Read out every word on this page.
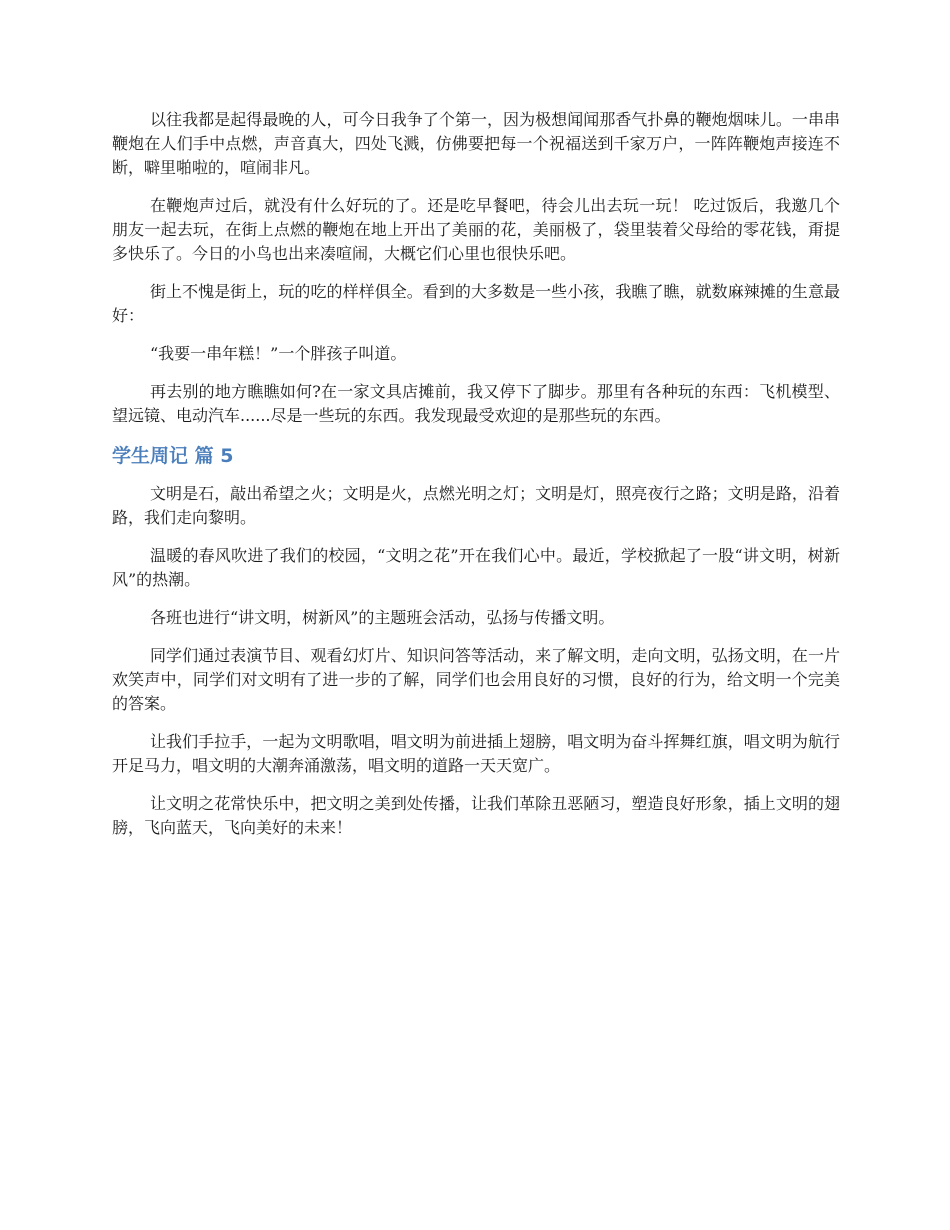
以往我都是起得最晚的人，可今日我争了个第一，因为极想闻闻那香气扑鼻的鞭炮烟味儿。一串串鞭炮在人们手中点燃，声音真大，四处飞溅，仿佛要把每一个祝福送到千家万户，一阵阵鞭炮声接连不断，噼里啪啦的，喧闹非凡。

在鞭炮声过后，就没有什么好玩的了。还是吃早餐吧，待会儿出去玩一玩！ 吃过饭后，我邀几个朋友一起去玩，在街上点燃的鞭炮在地上开出了美丽的花，美丽极了，袋里装着父母给的零花钱，甭提多快乐了。今日的小鸟也出来凑喧闹，大概它们心里也很快乐吧。

街上不愧是街上，玩的吃的样样俱全。看到的大多数是一些小孩，我瞧了瞧，就数麻辣摊的生意最好：

“我要一串年糕！”一个胖孩子叫道。

再去别的地方瞧瞧如何?在一家文具店摊前，我又停下了脚步。那里有各种玩的东西：飞机模型、望远镜、电动汽车......尽是一些玩的东西。我发现最受欢迎的是那些玩的东西。

学生周记 篇 5

文明是石，敲出希望之火；文明是火，点燃光明之灯；文明是灯，照亮夜行之路；文明是路，沿着路，我们走向黎明。

温暖的春风吹进了我们的校园，“文明之花”开在我们心中。最近，学校掀起了一股“讲文明，树新风”的热潮。

各班也进行“讲文明，树新风”的主题班会活动，弘扬与传播文明。

同学们通过表演节目、观看幻灯片、知识问答等活动，来了解文明，走向文明，弘扬文明，在一片欢笑声中，同学们对文明有了进一步的了解，同学们也会用良好的习惯，良好的行为，给文明一个完美的答案。

让我们手拉手，一起为文明歌唱，唱文明为前进插上翅膀，唱文明为奋斗挥舞红旗，唱文明为航行开足马力，唱文明的大潮奔涌激荡，唱文明的道路一天天宽广。

让文明之花常快乐中，把文明之美到处传播，让我们革除丑恶陋习，塑造良好形象，插上文明的翅膀，飞向蓝天，飞向美好的未来！
